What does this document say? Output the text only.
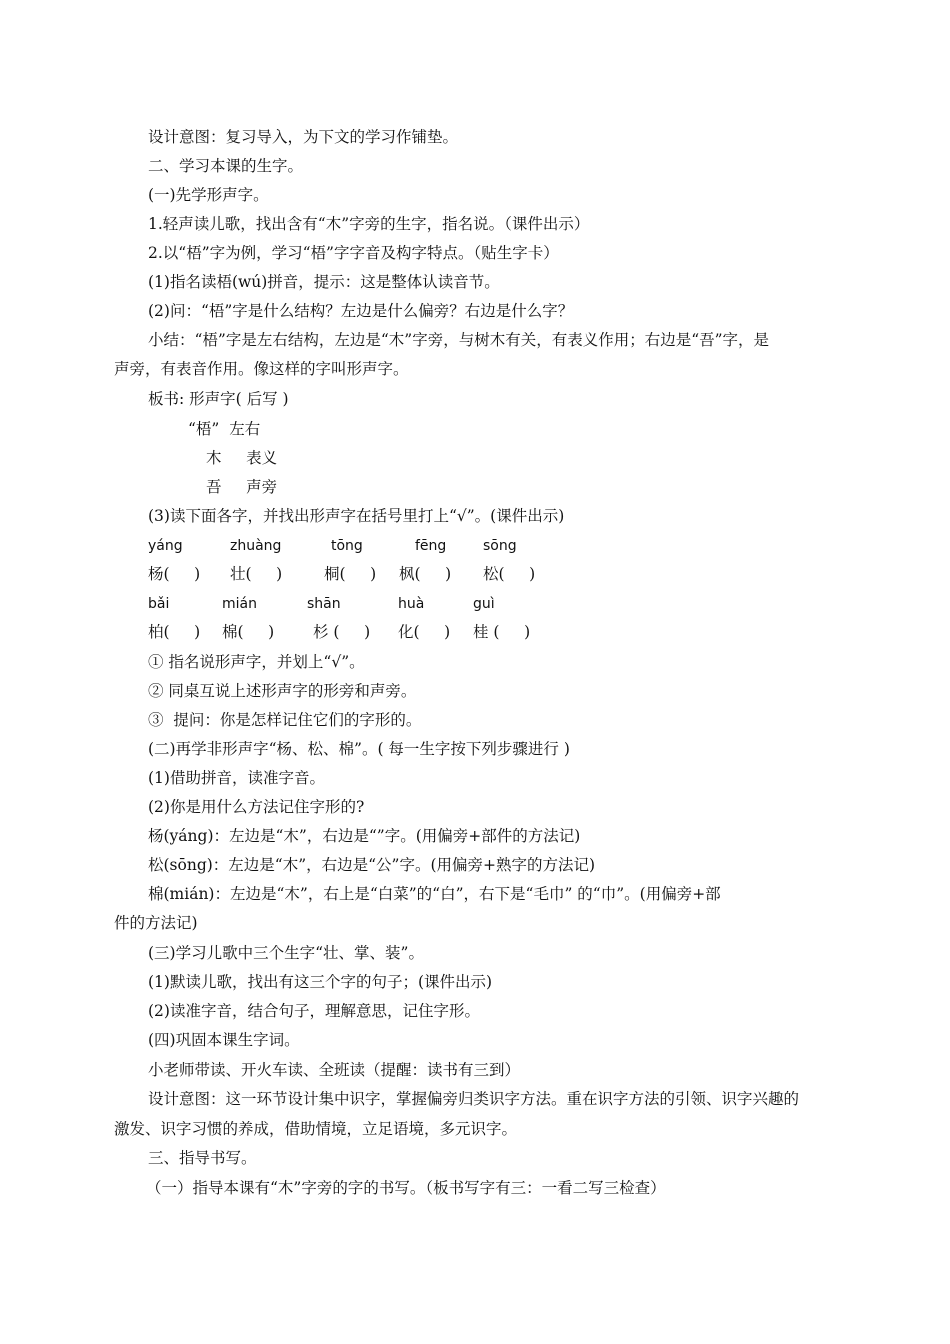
设计意图：复习导入，为下文的学习作铺垫。
二、学习本课的生字。
(一)先学形声字。
1.轻声读儿歌，找出含有“木”字旁的生字，指名说。（课件出示）
2.以“梧”字为例，学习“梧”字字音及构字特点。（贴生字卡）
(1)指名读梧(wú)拼音，提示：这是整体认读音节。
(2)问：“梧”字是什么结构？左边是什么偏旁？右边是什么字？
小结：“梧”字是左右结构，左边是“木”字旁，与树木有关，有表义作用；右边是“吾”字，是
声旁，有表音作用。像这样的字叫形声字。
板书: 形声字( 后写 )
“梧”  左右
木     表义
吾     声旁
(3)读下面各字，并找出形声字在括号里打上“√”。(课件出示)
yáng	zhuàng	tōng	fēng	sōng
杨(     ) 壮(     )	桐(     ) 枫(     ) 松(     )
bǎi	mián	shān	huà	guì
柏(     ) 棉(     )	杉 (     ) 化(     ) 桂 (     )
① 指名说形声字，并划上“√”。
② 同桌互说上述形声字的形旁和声旁。
③  提问：你是怎样记住它们的字形的。
(二)再学非形声字“杨、松、棉”。( 每一生字按下列步骤进行 )
(1)借助拼音，读准字音。
(2)你是用什么方法记住字形的?
杨(yáng)：左边是“木”，右边是“”字。(用偏旁+部件的方法记)
松(sōng)：左边是“木”，右边是“公”字。(用偏旁+熟字的方法记)
棉(mián)：左边是“木”，右上是“白菜”的“白”，右下是“毛巾” 的“巾”。(用偏旁+部
件的方法记)
(三)学习儿歌中三个生字“壮、掌、装”。
(1)默读儿歌，找出有这三个字的句子；(课件出示)
(2)读准字音，结合句子，理解意思，记住字形。
(四)巩固本课生字词。
小老师带读、开火车读、全班读（提醒：读书有三到）
设计意图：这一环节设计集中识字，掌握偏旁归类识字方法。重在识字方法的引领、识字兴趣的
激发、识字习惯的养成，借助情境，立足语境，多元识字。
三、指导书写。
（一）指导本课有“木”字旁的字的书写。（板书写字有三：一看二写三检查）
